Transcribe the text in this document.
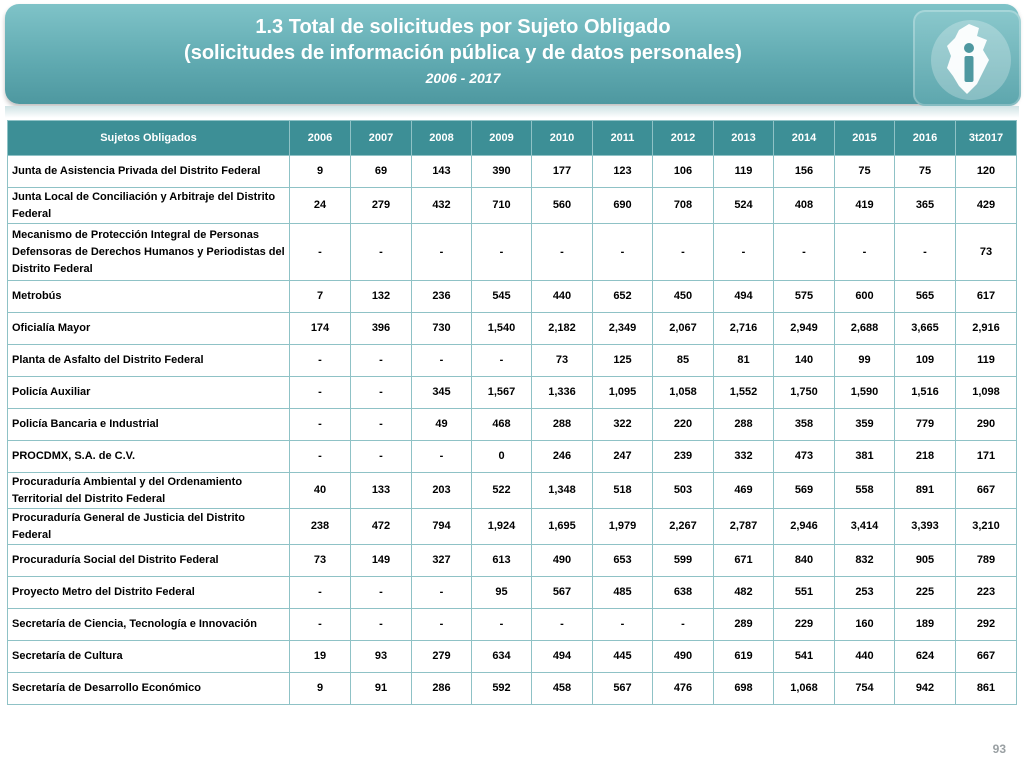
1.3 Total de solicitudes por Sujeto Obligado
(solicitudes de información pública y de datos personales)
2006 - 2017
Sujetos Obligados	2006	2007	2008	2009	2010	2011	2012	2013	2014	2015	2016	3t2017
Junta de Asistencia Privada del Distrito Federal	9	69	143	390	177	123	106	119	156	75	75	120
Junta Local de Conciliación y Arbitraje del Distrito Federal	24	279	432	710	560	690	708	524	408	419	365	429
Mecanismo de Protección Integral de Personas Defensoras de Derechos Humanos y Periodistas del Distrito Federal	-	-	-	-	-	-	-	-	-	-	-	73
Metrobús	7	132	236	545	440	652	450	494	575	600	565	617
Oficialía Mayor	174	396	730	1,540	2,182	2,349	2,067	2,716	2,949	2,688	3,665	2,916
Planta de Asfalto del Distrito Federal	-	-	-	-	73	125	85	81	140	99	109	119
Policía Auxiliar	-	-	345	1,567	1,336	1,095	1,058	1,552	1,750	1,590	1,516	1,098
Policía Bancaria e Industrial	-	-	49	468	288	322	220	288	358	359	779	290
PROCDMX, S.A. de C.V.	-	-	-	0	246	247	239	332	473	381	218	171
Procuraduría Ambiental y del Ordenamiento Territorial del Distrito Federal	40	133	203	522	1,348	518	503	469	569	558	891	667
Procuraduría General de Justicia del Distrito Federal	238	472	794	1,924	1,695	1,979	2,267	2,787	2,946	3,414	3,393	3,210
Procuraduría Social del Distrito Federal	73	149	327	613	490	653	599	671	840	832	905	789
Proyecto Metro del Distrito Federal	-	-	-	95	567	485	638	482	551	253	225	223
Secretaría de Ciencia, Tecnología e Innovación	-	-	-	-	-	-	-	289	229	160	189	292
Secretaría de Cultura	19	93	279	634	494	445	490	619	541	440	624	667
Secretaría de Desarrollo Económico	9	91	286	592	458	567	476	698	1,068	754	942	861
93
